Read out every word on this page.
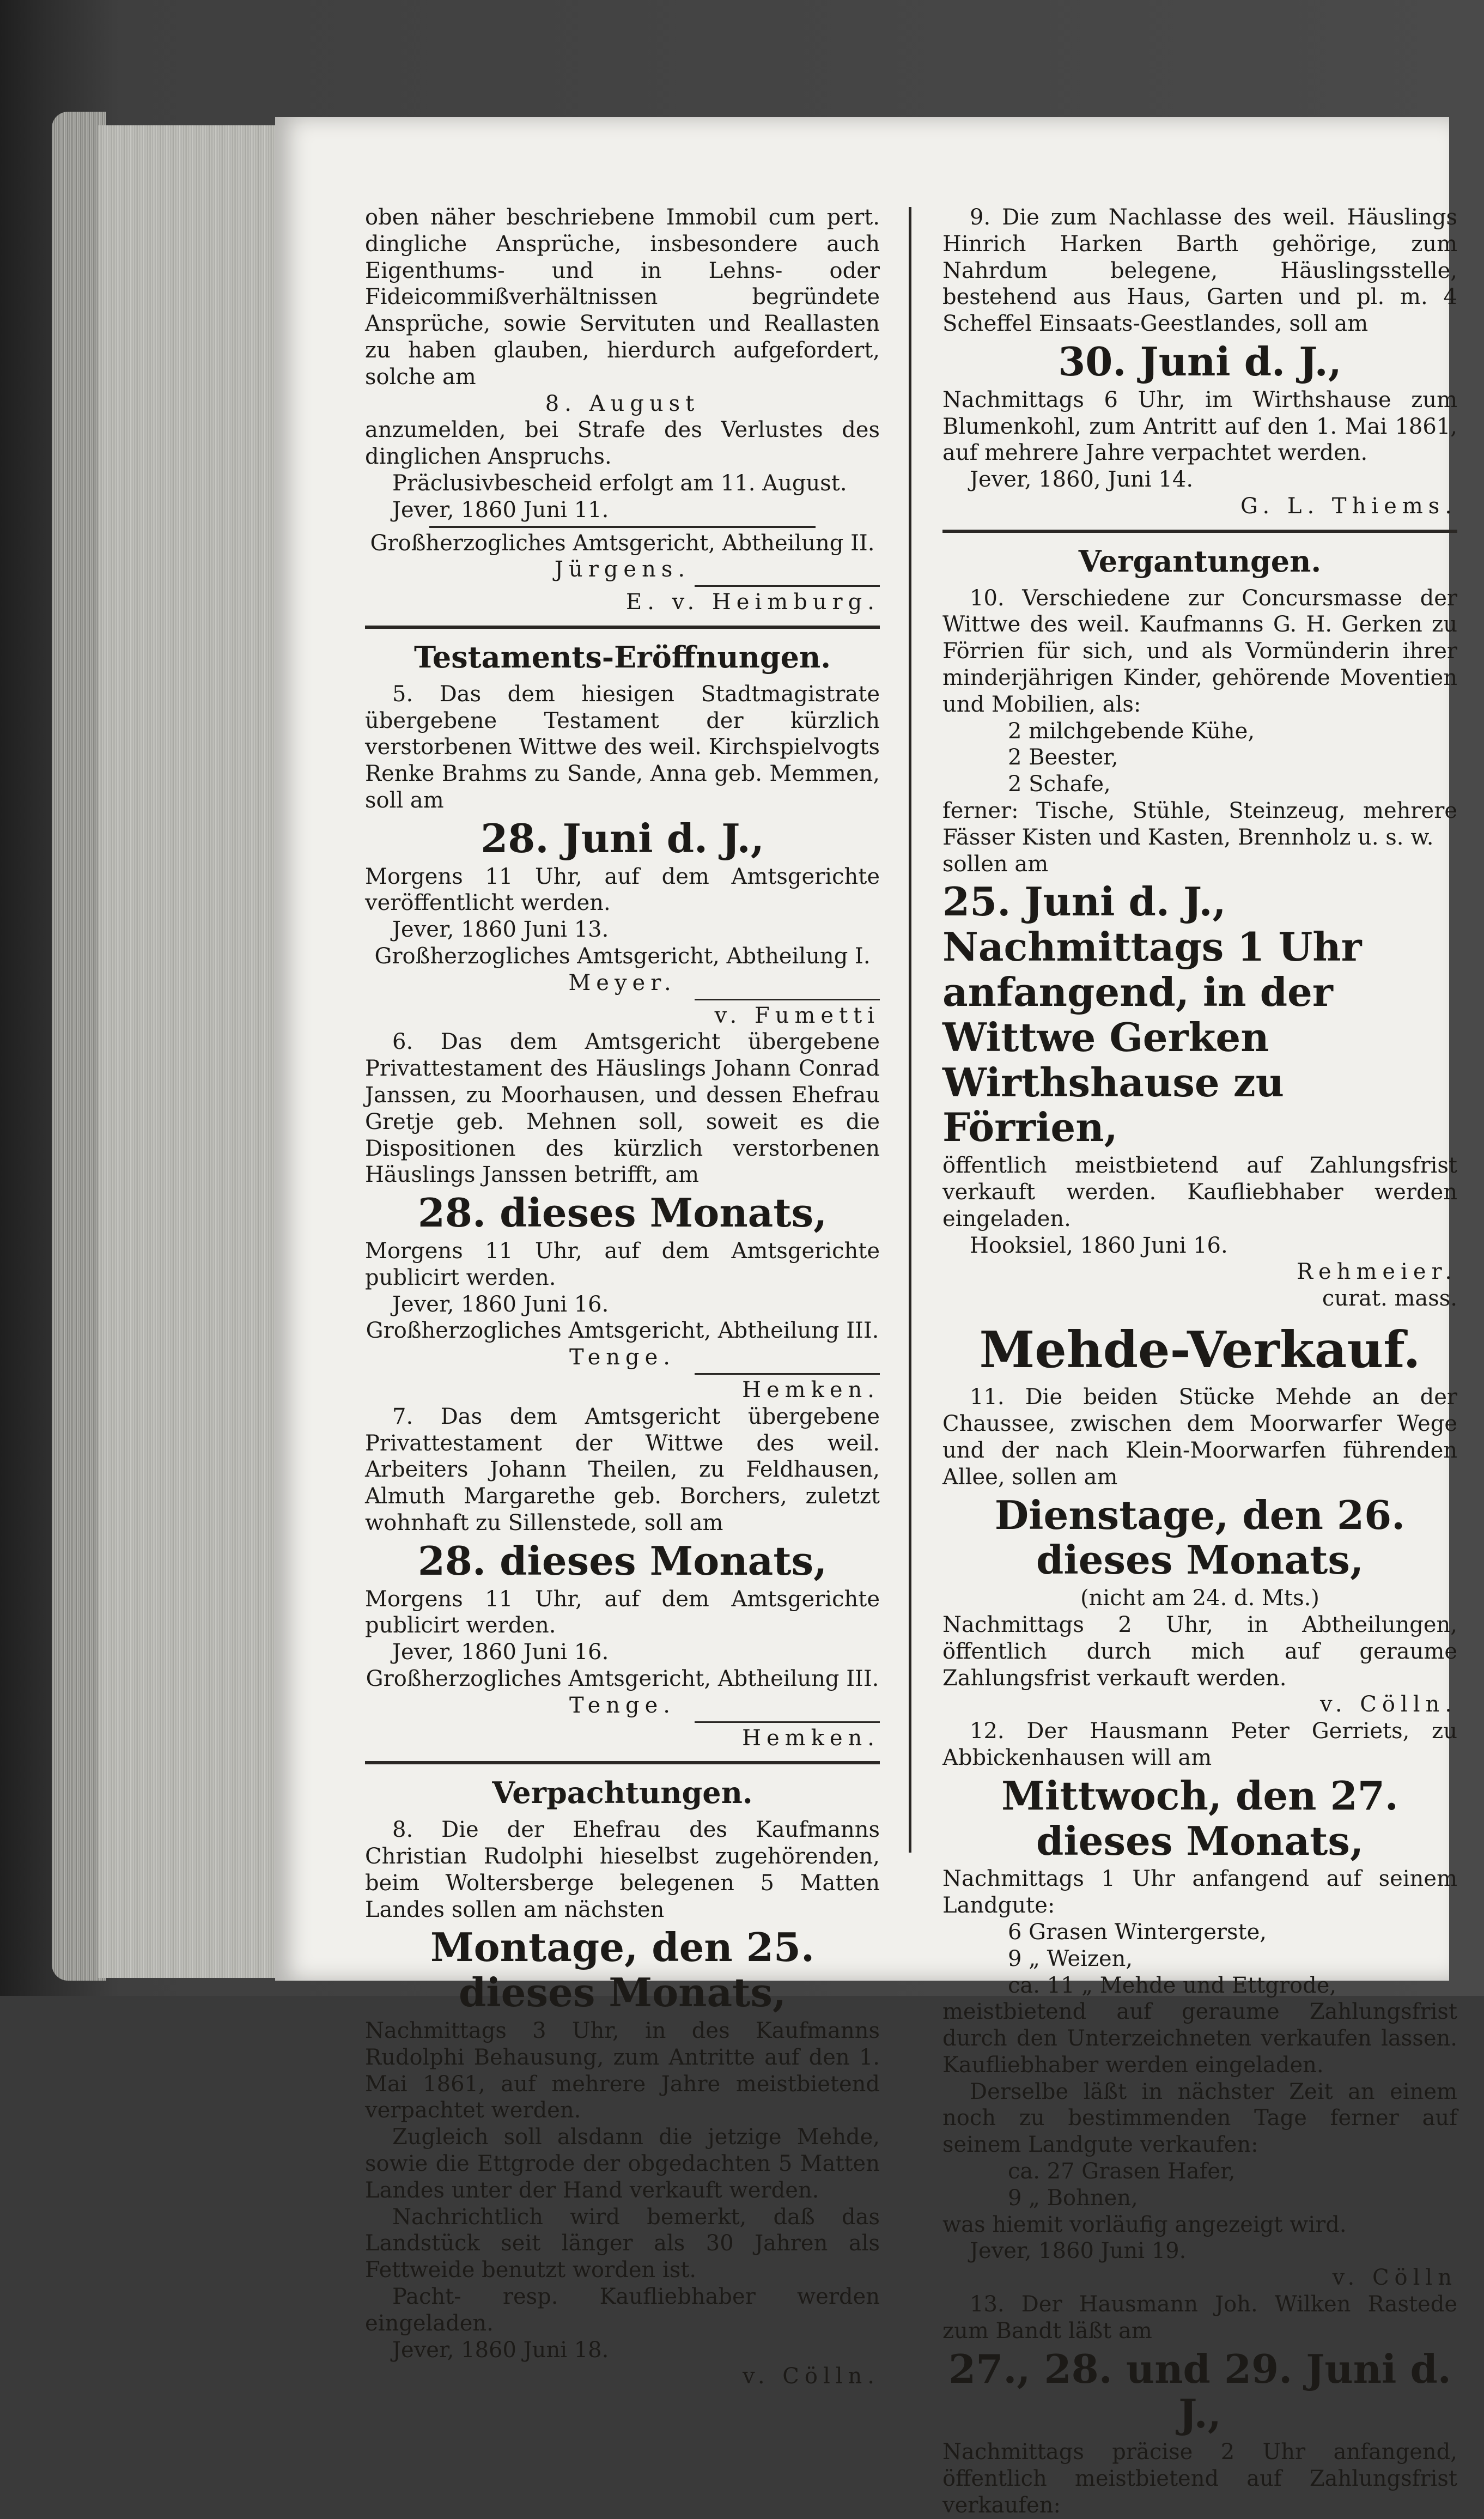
oben näher beschriebene Immobil cum pert. dingliche Ansprüche, insbesondere auch Eigenthums- und in Lehns- oder Fideicommißverhältnissen begründete Ansprüche, sowie Servituten und Reallasten zu haben glauben, hierdurch aufgefordert, solche am

8. August

anzumelden, bei Strafe des Verlustes des dinglichen Anspruchs.

Präclusivbescheid erfolgt am 11. August.

Jever, 1860 Juni 11.

Großherzogliches Amtsgericht, Abtheilung II.

Jürgens.

E. v. Heimburg.

Testaments-Eröffnungen.

5. Das dem hiesigen Stadtmagistrate übergebene Testament der kürzlich verstorbenen Wittwe des weil. Kirchspielvogts Renke Brahms zu Sande, Anna geb. Memmen, soll am

28. Juni d. J.,

Morgens 11 Uhr, auf dem Amtsgerichte veröffentlicht werden.

Jever, 1860 Juni 13.

Großherzogliches Amtsgericht, Abtheilung I.

Meyer.

v. Fumetti

6. Das dem Amtsgericht übergebene Privattestament des Häuslings Johann Conrad Janssen, zu Moorhausen, und dessen Ehefrau Gretje geb. Mehnen soll, soweit es die Dispositionen des kürzlich verstorbenen Häuslings Janssen betrifft, am

28. dieses Monats,

Morgens 11 Uhr, auf dem Amtsgerichte publicirt werden.

Jever, 1860 Juni 16.

Großherzogliches Amtsgericht, Abtheilung III.

Tenge.

Hemken.

7. Das dem Amtsgericht übergebene Privattestament der Wittwe des weil. Arbeiters Johann Theilen, zu Feldhausen, Almuth Margarethe geb. Borchers, zuletzt wohnhaft zu Sillenstede, soll am

28. dieses Monats,

Morgens 11 Uhr, auf dem Amtsgerichte publicirt werden.

Jever, 1860 Juni 16.

Großherzogliches Amtsgericht, Abtheilung III.

Tenge.

Hemken.

Verpachtungen.

8. Die der Ehefrau des Kaufmanns Christian Rudolphi hieselbst zugehörenden, beim Woltersberge belegenen 5 Matten Landes sollen am nächsten

Montage, den 25. dieses Monats,

Nachmittags 3 Uhr, in des Kaufmanns Rudolphi Behausung, zum Antritte auf den 1. Mai 1861, auf mehrere Jahre meistbietend verpachtet werden.

Zugleich soll alsdann die jetzige Mehde, sowie die Ettgrode der obgedachten 5 Matten Landes unter der Hand verkauft werden.

Nachrichtlich wird bemerkt, daß das Landstück seit länger als 30 Jahren als Fettweide benutzt worden ist.

Pacht- resp. Kaufliebhaber werden eingeladen.

Jever, 1860 Juni 18.

v. Cölln.

9. Die zum Nachlasse des weil. Häuslings Hinrich Harken Barth gehörige, zum Nahrdum belegene, Häuslingsstelle, bestehend aus Haus, Garten und pl. m. 4 Scheffel Einsaats-Geestlandes, soll am

30. Juni d. J.,

Nachmittags 6 Uhr, im Wirthshause zum Blumenkohl, zum Antritt auf den 1. Mai 1861, auf mehrere Jahre verpachtet werden.

Jever, 1860, Juni 14.

G. L. Thiems.

Vergantungen.

10. Verschiedene zur Concursmasse der Wittwe des weil. Kaufmanns G. H. Gerken zu Förrien für sich, und als Vormünderin ihrer minderjährigen Kinder, gehörende Moventien und Mobilien, als:

2 milchgebende Kühe,

2 Beester,

2 Schafe,

ferner: Tische, Stühle, Steinzeug, mehrere Fässer Kisten und Kasten, Brennholz u. s. w.

sollen am

25. Juni d. J., Nachmittags 1 Uhr anfangend, in der Wittwe Gerken Wirthshause zu Förrien,

öffentlich meistbietend auf Zahlungsfrist verkauft werden. Kaufliebhaber werden eingeladen.

Hooksiel, 1860 Juni 16.

Rehmeier.

curat. mass.

Mehde-Verkauf.

11. Die beiden Stücke Mehde an der Chaussee, zwischen dem Moorwarfer Wege und der nach Klein-Moorwarfen führenden Allee, sollen am

Dienstage, den 26. dieses Monats,

(nicht am 24. d. Mts.)

Nachmittags 2 Uhr, in Abtheilungen, öffentlich durch mich auf geraume Zahlungsfrist verkauft werden.

v. Cölln.

12. Der Hausmann Peter Gerriets, zu Abbickenhausen will am

Mittwoch, den 27. dieses Monats,

Nachmittags 1 Uhr anfangend auf seinem Landgute:

6 Grasen Wintergerste,

9 „ Weizen,

ca. 11 „ Mehde und Ettgrode,

meistbietend auf geraume Zahlungsfrist durch den Unterzeichneten verkaufen lassen. Kaufliebhaber werden eingeladen.

Derselbe läßt in nächster Zeit an einem noch zu bestimmenden Tage ferner auf seinem Landgute verkaufen:

ca. 27 Grasen Hafer,

9 „ Bohnen,

was hiemit vorläufig angezeigt wird.

Jever, 1860 Juni 19.

v. Cölln

13. Der Hausmann Joh. Wilken Rastede zum Bandt läßt am

27., 28. und 29. Juni d. J.,

Nachmittags präcise 2 Uhr anfangend, öffentlich meistbietend auf Zahlungsfrist verkaufen:
